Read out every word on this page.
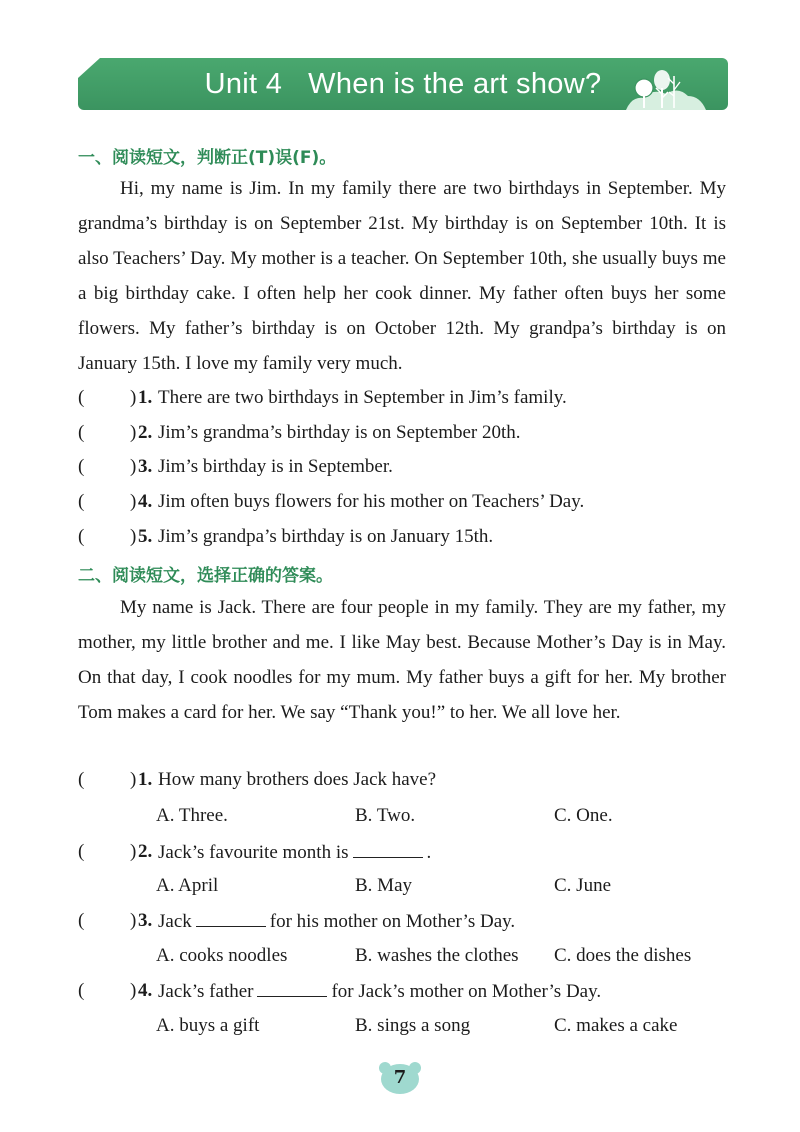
Unit 4 When is the art show?
一、阅读短文，判断正(T)误(F)。

Hi, my name is Jim. In my family there are two birthdays in September. My grandma’s birthday is on September 21st. My birthday is on September 10th. It is also Teachers’ Day. My mother is a teacher. On September 10th, she usually buys me a big birthday cake. I often help her cook dinner. My father often buys her some flowers. My father’s birthday is on October 12th. My grandpa’s birthday is on January 15th. I love my family very much.

( ) 1. There are two birthdays in September in Jim’s family.
( ) 2. Jim’s grandma’s birthday is on September 20th.
( ) 3. Jim’s birthday is in September.
( ) 4. Jim often buys flowers for his mother on Teachers’ Day.
( ) 5. Jim’s grandpa’s birthday is on January 15th.
二、阅读短文，选择正确的答案。

My name is Jack. There are four people in my family. They are my father, my mother, my little brother and me. I like May best. Because Mother’s Day is in May. On that day, I cook noodles for my mum. My father buys a gift for her. My brother Tom makes a card for her. We say “Thank you!” to her. We all love her.

( ) 1. How many brothers does Jack have?
A. Three.	B. Two.	C. One.
( ) 2. Jack’s favourite month is	.
A. April	B. May	C. June
( ) 3. Jack	for his mother on Mother’s Day.
A. cooks noodles	B. washes the clothes C. does the dishes
( ) 4. Jack’s father	for Jack’s mother on Mother’s Day.
A. buys a gift	B. sings a song	C. makes a cake
7
